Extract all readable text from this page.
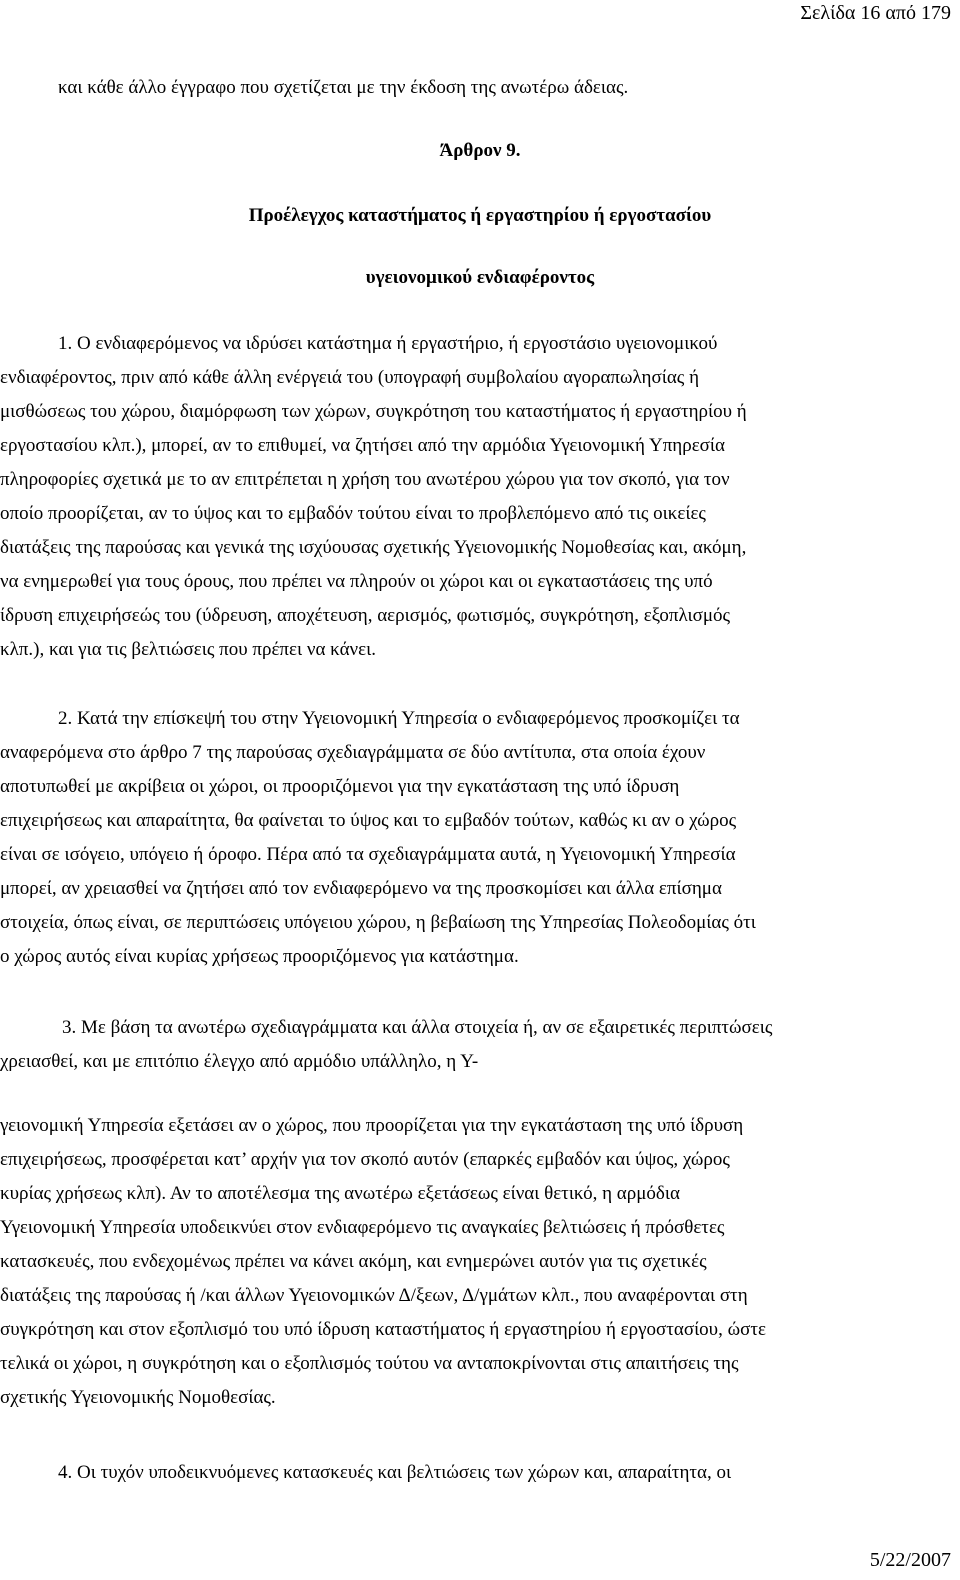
Σελίδα 16 από 179
και κάθε άλλο έγγραφο που σχετίζεται με την έκδοση της ανωτέρω άδειας.
Άρθρον 9.
Προέλεγχος καταστήματος ή εργαστηρίου ή εργοστασίου
υγειονομικού ενδιαφέροντος
1. Ο ενδιαφερόμενος να ιδρύσει κατάστημα ή εργαστήριο, ή εργοστάσιο υγειονομικού
ενδιαφέροντος, πριν από κάθε άλλη ενέργειά του (υπογραφή συμβολαίου αγοραπωλησίας ή
μισθώσεως του χώρου, διαμόρφωση των χώρων, συγκρότηση του καταστήματος ή εργαστηρίου ή
εργοστασίου κλπ.), μπορεί, αν το επιθυμεί, να ζητήσει από την αρμόδια Υγειονομική Υπηρεσία
πληροφορίες σχετικά με το αν επιτρέπεται η χρήση του ανωτέρου χώρου για τον σκοπό, για τον
οποίο προορίζεται, αν το ύψος και το εμβαδόν τούτου είναι το προβλεπόμενο από τις οικείες
διατάξεις της παρούσας και γενικά της ισχύουσας σχετικής Υγειονομικής Νομοθεσίας και, ακόμη,
να ενημερωθεί για τους όρους, που πρέπει να πληρούν οι χώροι και οι εγκαταστάσεις της υπό
ίδρυση επιχειρήσεώς του (ύδρευση, αποχέτευση, αερισμός, φωτισμός, συγκρότηση, εξοπλισμός
κλπ.), και για τις βελτιώσεις που πρέπει να κάνει.
2. Κατά την επίσκεψή του στην Υγειονομική Υπηρεσία ο ενδιαφερόμενος προσκομίζει τα
αναφερόμενα στο άρθρο 7 της παρούσας σχεδιαγράμματα σε δύο αντίτυπα, στα οποία έχουν
αποτυπωθεί με ακρίβεια οι χώροι, οι προοριζόμενοι για την εγκατάσταση της υπό ίδρυση
επιχειρήσεως και απαραίτητα, θα φαίνεται το ύψος και το εμβαδόν τούτων, καθώς κι αν ο χώρος
είναι σε ισόγειο, υπόγειο ή όροφο. Πέρα από τα σχεδιαγράμματα αυτά, η Υγειονομική Υπηρεσία
μπορεί, αν χρειασθεί να ζητήσει από τον ενδιαφερόμενο να της προσκομίσει και άλλα επίσημα
στοιχεία, όπως είναι, σε περιπτώσεις υπόγειου χώρου, η βεβαίωση της Υπηρεσίας Πολεοδομίας ότι
ο χώρος αυτός είναι κυρίας χρήσεως προοριζόμενος για κατάστημα.
3. Με βάση τα ανωτέρω σχεδιαγράμματα και άλλα στοιχεία ή, αν σε εξαιρετικές περιπτώσεις
χρειασθεί, και με επιτόπιο έλεγχο από αρμόδιο υπάλληλο, η Υ-
γειονομική Υπηρεσία εξετάσει αν ο χώρος, που προορίζεται για την εγκατάσταση της υπό ίδρυση
επιχειρήσεως, προσφέρεται κατ’ αρχήν για τον σκοπό αυτόν (επαρκές εμβαδόν και ύψος, χώρος
κυρίας χρήσεως κλπ). Αν το αποτέλεσμα της ανωτέρω εξετάσεως είναι θετικό, η αρμόδια
Υγειονομική Υπηρεσία υποδεικνύει στον ενδιαφερόμενο τις αναγκαίες βελτιώσεις ή πρόσθετες
κατασκευές, που ενδεχομένως πρέπει να κάνει ακόμη, και ενημερώνει αυτόν για τις σχετικές
διατάξεις της παρούσας ή /και άλλων Υγειονομικών Δ/ξεων, Δ/γμάτων κλπ., που αναφέρονται στη
συγκρότηση και στον εξοπλισμό του υπό ίδρυση καταστήματος ή εργαστηρίου ή εργοστασίου, ώστε
τελικά οι χώροι, η συγκρότηση και ο εξοπλισμός τούτου να ανταποκρίνονται στις απαιτήσεις της
σχετικής Υγειονομικής Νομοθεσίας.
4. Οι τυχόν υποδεικνυόμενες κατασκευές και βελτιώσεις των χώρων και, απαραίτητα, οι
5/22/2007
